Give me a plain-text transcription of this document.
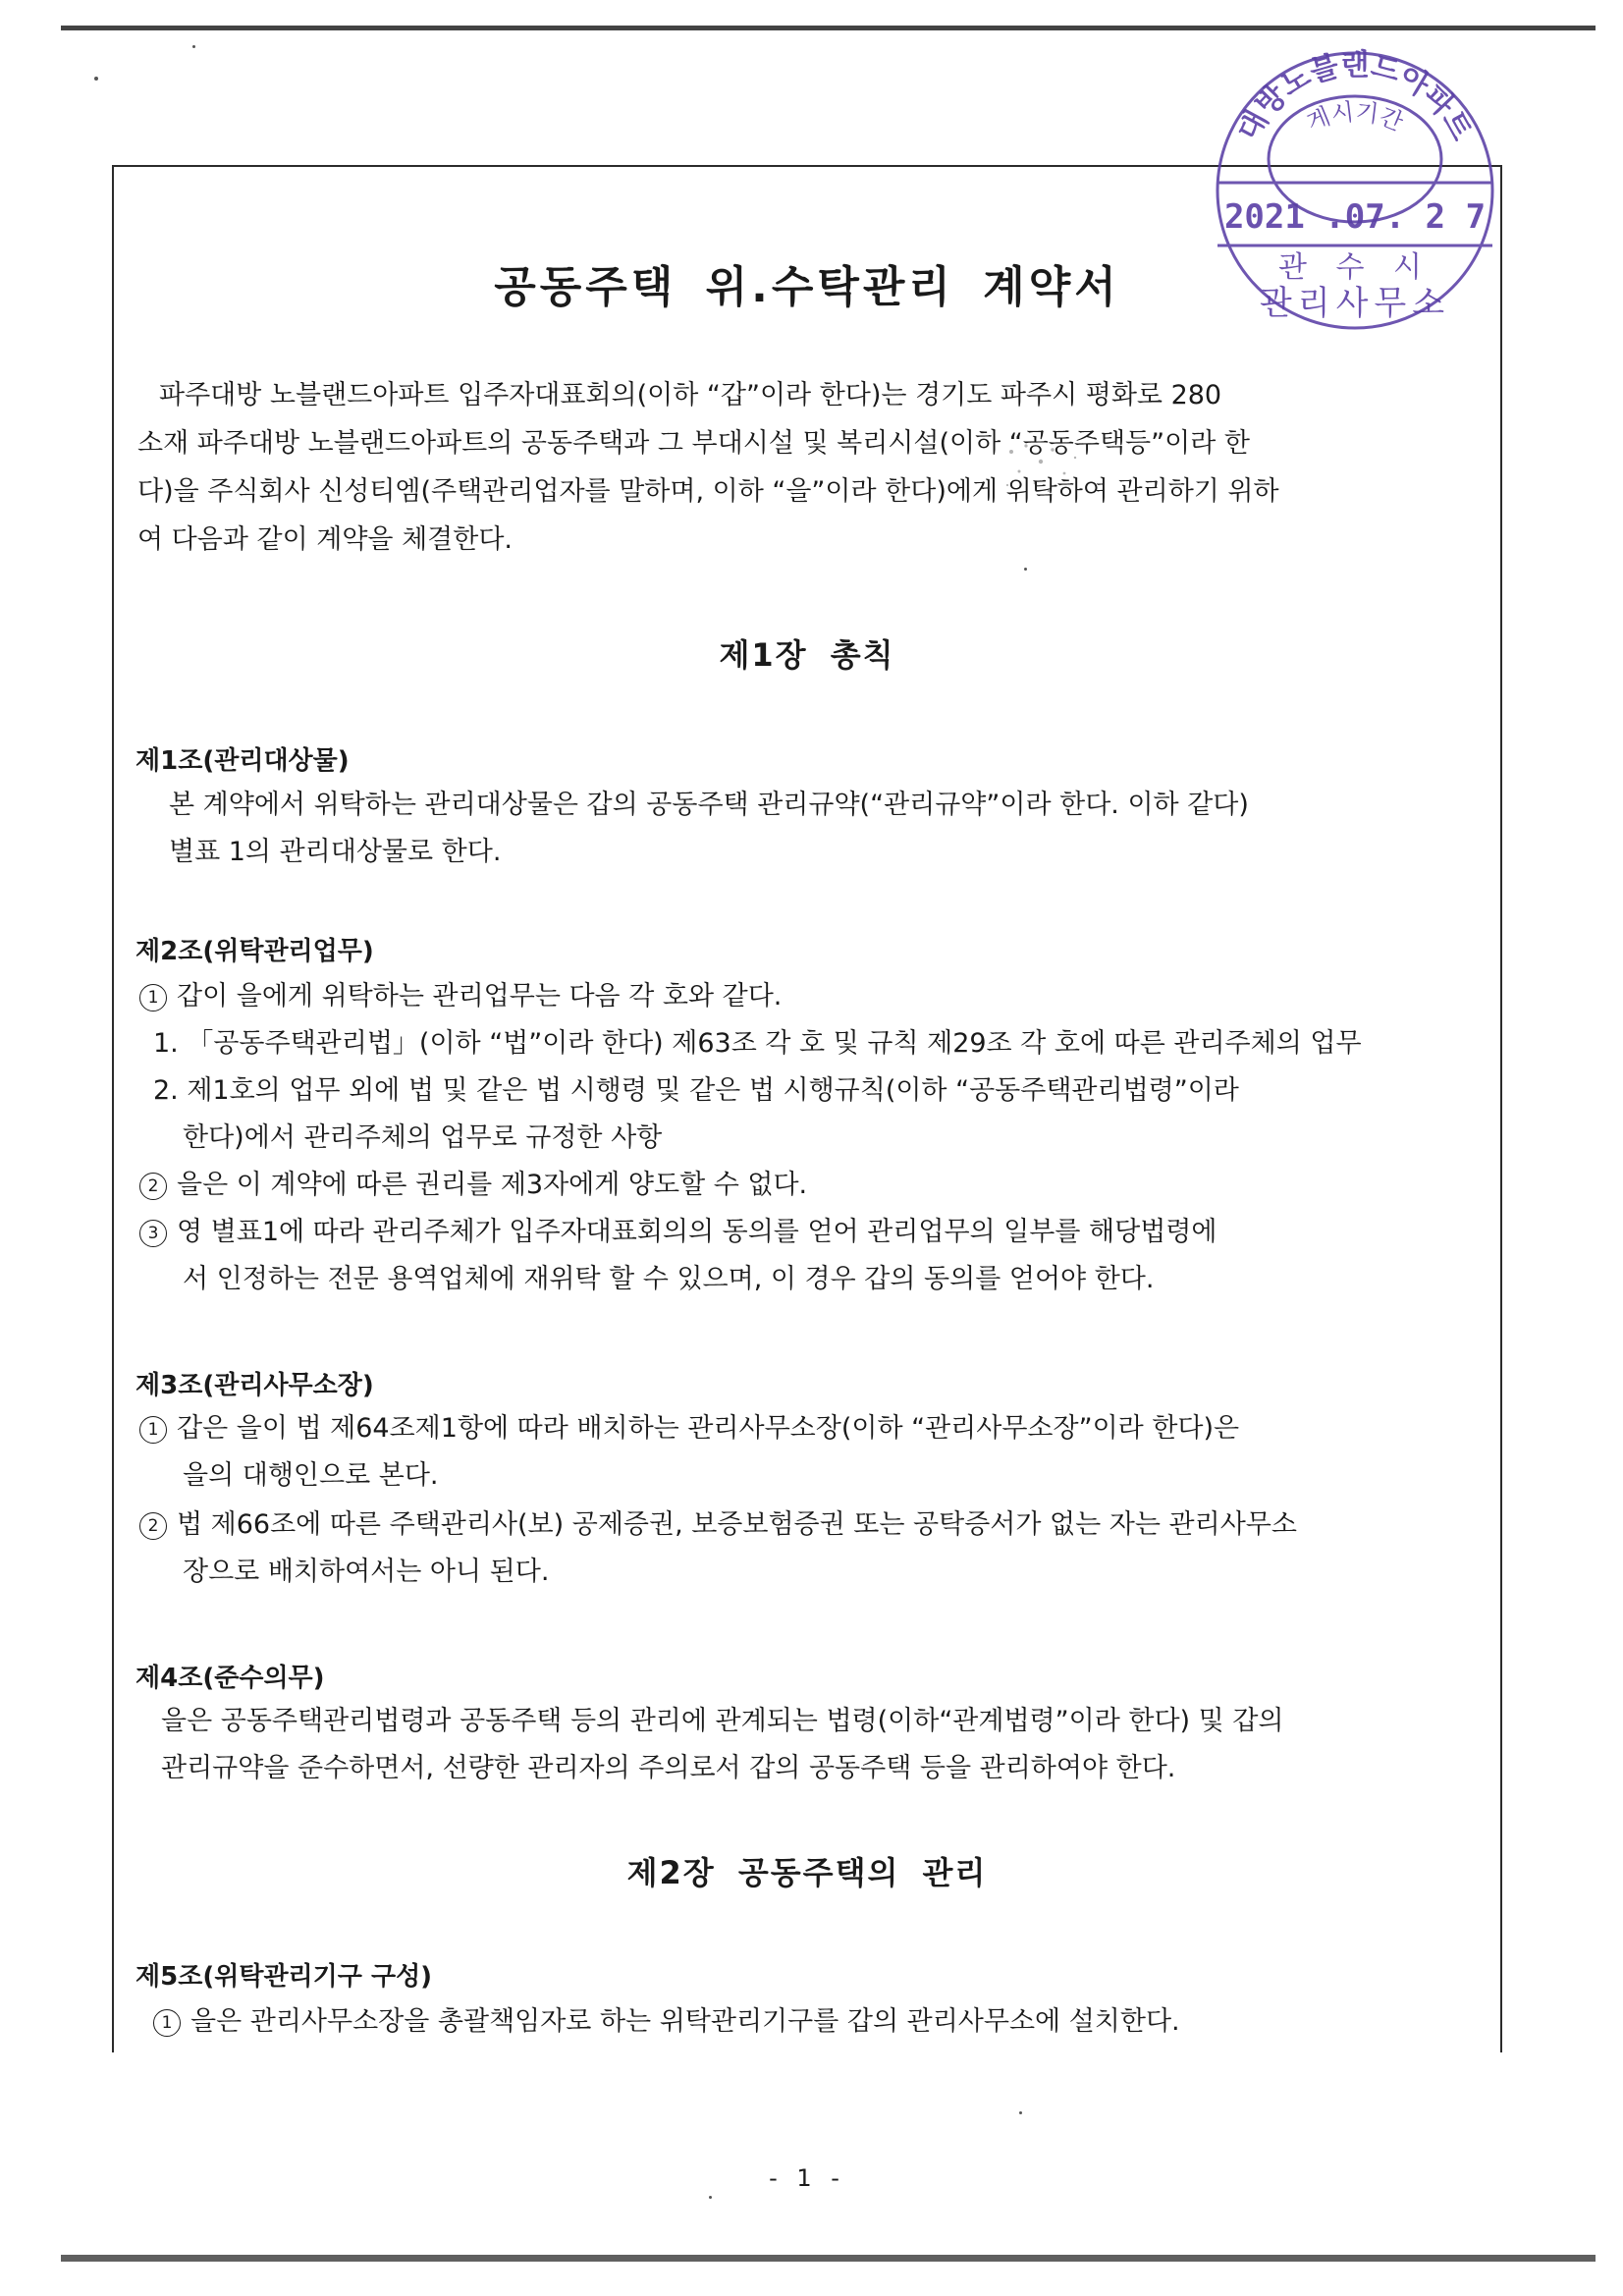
공동주택 위.수탁관리 계약서
파주대방 노블랜드아파트 입주자대표회의(이하 “갑”이라 한다)는 경기도 파주시 평화로 280
소재 파주대방 노블랜드아파트의 공동주택과 그 부대시설 및 복리시설(이하 “공동주택등”이라 한
다)을 주식회사 신성티엠(주택관리업자를 말하며, 이하 “을”이라 한다)에게 위탁하여 관리하기 위하
여 다음과 같이 계약을 체결한다.
제1장 총칙
제1조(관리대상물)
본 계약에서 위탁하는 관리대상물은 갑의 공동주택 관리규약(“관리규약”이라 한다. 이하 같다)
별표 1의 관리대상물로 한다.
제2조(위탁관리업무)
1 갑이 을에게 위탁하는 관리업무는 다음 각 호와 같다.
1. 「공동주택관리법」(이하 “법”이라 한다) 제63조 각 호 및 규칙 제29조 각 호에 따른 관리주체의 업무
2. 제1호의 업무 외에 법 및 같은 법 시행령 및 같은 법 시행규칙(이하 “공동주택관리법령”이라
한다)에서 관리주체의 업무로 규정한 사항
2 을은 이 계약에 따른 권리를 제3자에게 양도할 수 없다.
3 영 별표1에 따라 관리주체가 입주자대표회의의 동의를 얻어 관리업무의 일부를 해당법령에
서 인정하는 전문 용역업체에 재위탁 할 수 있으며, 이 경우 갑의 동의를 얻어야 한다.
제3조(관리사무소장)
1 갑은 을이 법 제64조제1항에 따라 배치하는 관리사무소장(이하 “관리사무소장”이라 한다)은
을의 대행인으로 본다.
2 법 제66조에 따른 주택관리사(보) 공제증권, 보증보험증권 또는 공탁증서가 없는 자는 관리사무소
장으로 배치하여서는 아니 된다.
제4조(준수의무)
을은 공동주택관리법령과 공동주택 등의 관리에 관계되는 법령(이하“관계법령”이라 한다) 및 갑의
관리규약을 준수하면서, 선량한 관리자의 주의로서 갑의 공동주택 등을 관리하여야 한다.
제2장 공동주택의 관리
제5조(위탁관리기구 구성)
1 을은 관리사무소장을 총괄책임자로 하는 위탁관리기구를 갑의 관리사무소에 설치한다.
- 1 -
대방노블랜드아파트
게시기간
2021 .07. 2 7
관 수 시
관리사무소
